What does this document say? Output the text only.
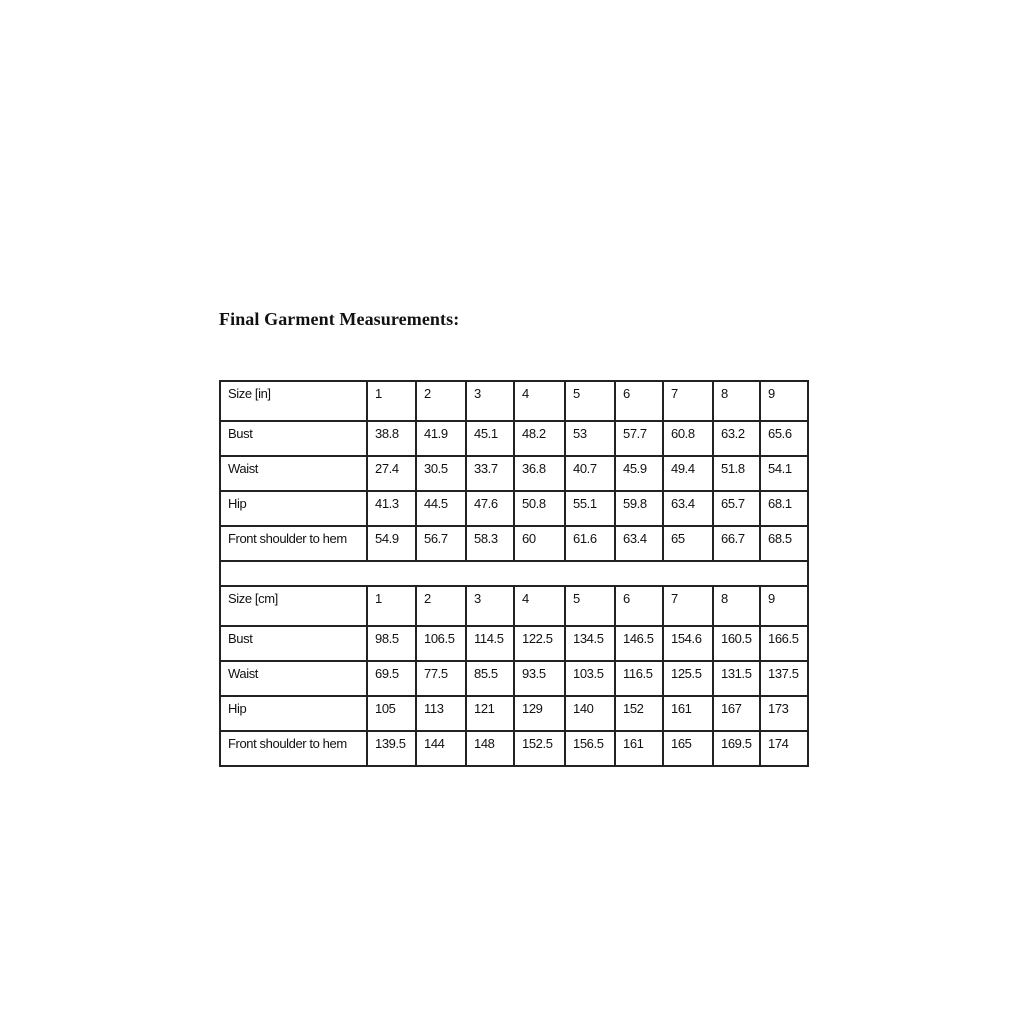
Final Garment Measurements:
Size [in]	1	2	3	4	5	6	7	8	9
Bust	38.8	41.9	45.1	48.2	53	57.7	60.8	63.2	65.6
Waist	27.4	30.5	33.7	36.8	40.7	45.9	49.4	51.8	54.1
Hip	41.3	44.5	47.6	50.8	55.1	59.8	63.4	65.7	68.1
Front shoulder to hem	54.9	56.7	58.3	60	61.6	63.4	65	66.7	68.5

Size [cm]	1	2	3	4	5	6	7	8	9
Bust	98.5	106.5	114.5	122.5	134.5	146.5	154.6	160.5	166.5
Waist	69.5	77.5	85.5	93.5	103.5	116.5	125.5	131.5	137.5
Hip	105	113	121	129	140	152	161	167	173
Front shoulder to hem	139.5	144	148	152.5	156.5	161	165	169.5	174
